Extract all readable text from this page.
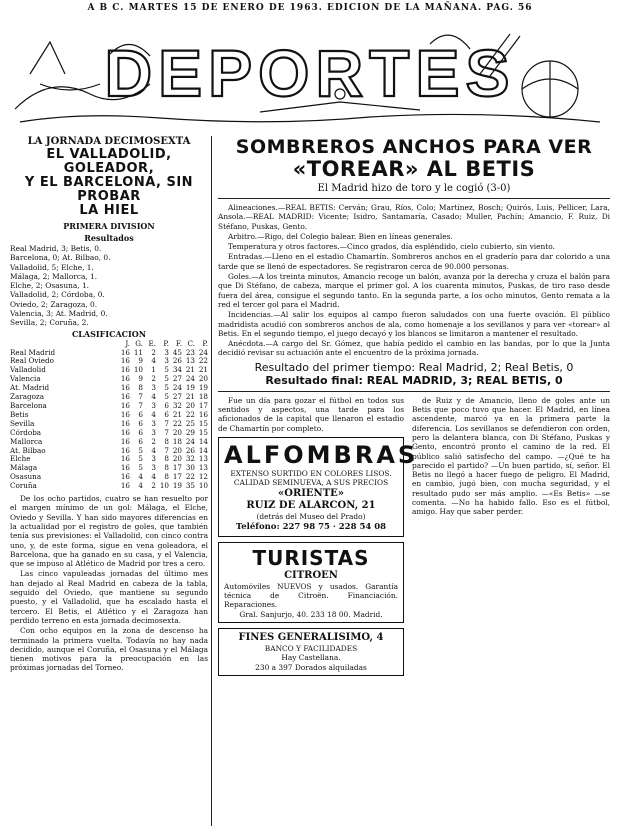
A B C. MARTES 15 DE ENERO DE 1963. EDICION DE LA MAÑANA. PAG. 56
DEPORTES
LA JORNADA DECIMOSEXTA
EL VALLADOLID, GOLEADOR,
Y EL BARCELONA, SIN PROBAR
LA HIEL
PRIMERA DIVISION
Resultados
Real Madrid, 3; Betis, 0.
Barcelona, 0; At. Bilbao, 0.
Valladolid, 5; Elche, 1.
Málaga, 2; Mallorca, 1.
Elche, 2; Osasuna, 1.
Valladolid, 2; Córdoba, 0.
Oviedo, 2; Zaragoza, 0.
Valencia, 3; At. Madrid, 0.
Sevilla, 2; Coruña, 2.
CLASIFICACION
	J.	G.	E.	P.	F.	C.	P.
Real Madrid	16	11	2	3	45	23	24
Real Oviedo	16	9	4	3	26	13	22
Valladolid	16	10	1	5	34	21	21
Valencia	16	9	2	5	27	24	20
At. Madrid	16	8	3	5	24	19	19
Zaragoza	16	7	4	5	27	21	18
Barcelona	16	7	3	6	32	20	17
Betis	16	6	4	6	21	22	16
Sevilla	16	6	3	7	22	25	15
Córdoba	16	6	3	7	20	29	15
Mallorca	16	6	2	8	18	24	14
At. Bilbao	16	5	4	7	20	26	14
Elche	16	5	3	8	20	32	13
Málaga	16	5	3	8	17	30	13
Osasuna	16	4	4	8	17	22	12
Coruña	16	4	2	10	19	35	10
De los ocho partidos, cuatro se han resuelto por el margen mínimo de un gol: Málaga, el Elche, Oviedo y Sevilla. Y han sido mayores diferencias en la actualidad por el registro de goles, que también tenía sus previsiones: el Valladolid, con cinco contra uno, y, de este forma, sigue en vena goleadora, el Barcelona, que ha ganado en su casa, y el Valencia, que se impuso al Atlético de Madrid por tres a cero.
Las cinco vapuleadas jornadas del último mes han dejado al Real Madrid en cabeza de la tabla, seguido del Oviedo, que mantiene su segundo puesto, y el Valladolid, que ha escalado hasta el tercero. El Betis, el Atlético y el Zaragoza han perdido terreno en esta jornada decimosexta.
Con ocho equipos en la zona de descenso ha terminado la primera vuelta. Todavía no hay nada decidido, aunque el Coruña, el Osasuna y el Málaga tienen motivos para la preocupación en las próximas jornadas del Torneo.
SOMBREROS ANCHOS PARA VER
«TOREAR» AL BETIS
El Madrid hizo de toro y le cogió (3-0)
Alineaciones.—REAL BETIS: Cerván; Grau, Ríos, Colo; Martínez, Bosch; Quirós, Luis, Pellicer, Lara, Ansola.—REAL MADRID: Vicente; Isidro, Santamaría, Casado; Muller, Pachín; Amancio, F. Ruiz, Di Stéfano, Puskas, Gento.
Arbitro.—Rigo, del Colegio balear. Bien en líneas generales.
Temperatura y otros factores.—Cinco grados, día espléndido, cielo cubierto, sin viento.
Entradas.—Lleno en el estadio Chamartín. Sombreros anchos en el graderío para dar colorido a una tarde que se llenó de espectadores. Se registraron cerca de 90.000 personas.
Goles.—A los treinta minutos, Amancio recoge un balón, avanza por la derecha y cruza el balón para que Di Stéfano, de cabeza, marque el primer gol. A los cuarenta minutos, Puskas, de tiro raso desde fuera del área, consigue el segundo tanto. En la segunda parte, a los ocho minutos, Gento remata a la red el tercer gol para el Madrid.
Incidencias.—Al salir los equipos al campo fueron saludados con una fuerte ovación. El público madridista acudió con sombreros anchos de ala, como homenaje a los sevillanos y para ver «torear» al Betis. En el segundo tiempo, el juego decayó y los blancos se limitaron a mantener el resultado.
Anécdota.—A cargo del Sr. Gómez, que había pedido el cambio en las bandas, por lo que la Junta decidió revisar su actuación ante el encuentro de la próxima jornada.
Resultado del primer tiempo: Real Madrid, 2; Real Betis, 0
Resultado final: REAL MADRID, 3; REAL BETIS, 0
Fue un día para gozar el fútbol en todos sus sentidos y aspectos, una tarde para los aficionados de la capital que llenaron el estadio de Chamartín por completo.
ALFOMBRAS
EXTENSO SURTIDO EN COLORES LISOS. CALIDAD SEMINUEVA, A SUS PRECIOS
«ORIENTE»
RUIZ DE ALARCON, 21
(detrás del Museo del Prado)
Teléfono: 227 98 75 · 228 54 08
TURISTAS
CITROEN
Automóviles NUEVOS y usados. Garantía técnica de Citroën. Financiación. Reparaciones.
Gral. Sanjurjo, 40. 233 18 00. Madrid.
FINES GENERALISIMO, 4
BANCO Y FACILIDADES
Hay Castellana.
230 a 397 Dorados alquiladas
de Ruiz y de Amancio, lleno de goles ante un Betis que poco tuvo que hacer. El Madrid, en línea ascendente, marcó ya en la primera parte la diferencia. Los sevillanos se defendieron con orden, pero la delantera blanca, con Di Stéfano, Puskas y Gento, encontró pronto el camino de la red. El público salió satisfecho del campo. —¿Qué te ha parecido el partido? —Un buen partido, sí, señor. El Betis no llegó a hacer fuego de peligro. El Madrid, en cambio, jugó bien, con mucha seguridad, y el resultado pudo ser más amplio. —«Es Betis» —se comenta. —No ha habido fallo. Eso es el fútbol, amigo. Hay que saber perder.
